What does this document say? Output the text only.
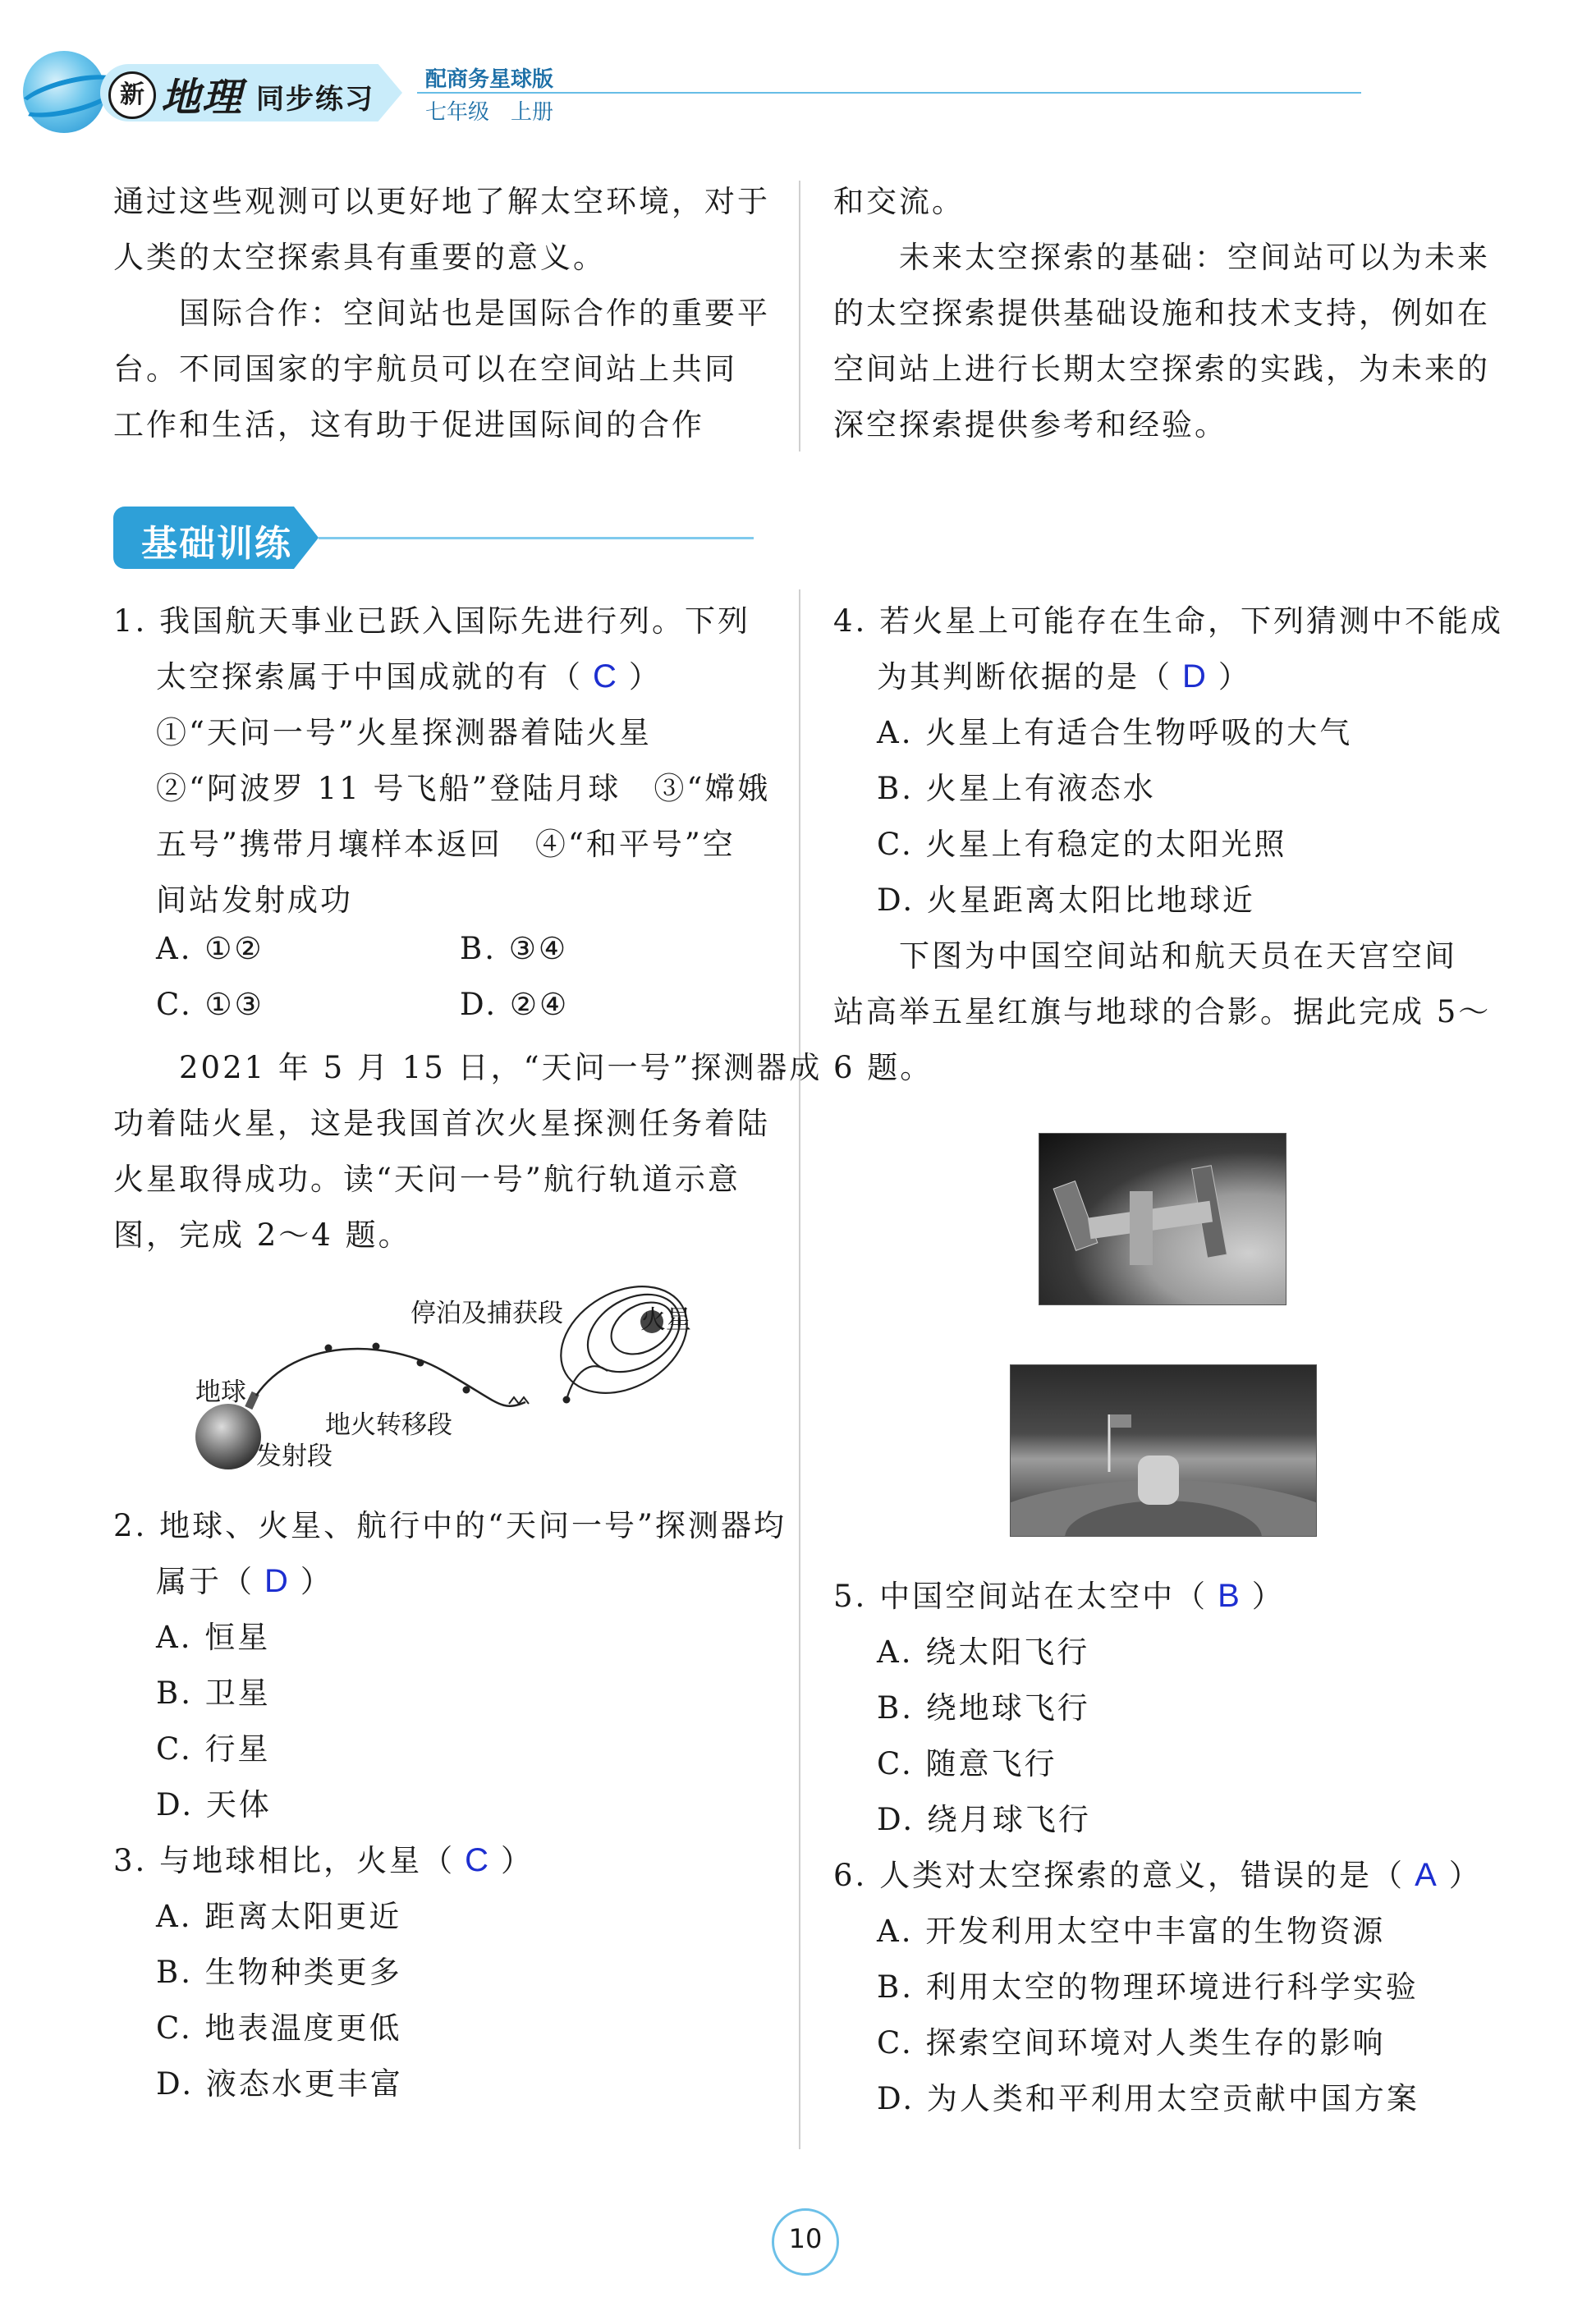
新 地理 同步练习
配商务星球版
七年级　上册

通过这些观测可以更好地了解太空环境，对于

人类的太空探索具有重要的意义。

　　国际合作：空间站也是国际合作的重要平

台。不同国家的宇航员可以在空间站上共同

工作和生活，这有助于促进国际间的合作

和交流。

　　未来太空探索的基础：空间站可以为未来

的太空探索提供基础设施和技术支持，例如在

空间站上进行长期太空探索的实践，为未来的

深空探索提供参考和经验。

基础训练
1. 我国航天事业已跃入国际先进行列。下列
太空探索属于中国成就的有（ C ）
①“天问一号”火星探测器着陆火星
②“阿波罗 11 号飞船”登陆月球　③“嫦娥
五号”携带月壤样本返回　④“和平号”空
间站发射成功
A. ①②	B. ③④
C. ①③	D. ②④
　　2021 年 5 月 15 日，“天问一号”探测器成
功着陆火星，这是我国首次火星探测任务着陆
火星取得成功。读“天问一号”航行轨道示意
图，完成 2～4 题。
停泊及捕获段	火星
地球
地火转移段
发射段
2. 地球、火星、航行中的“天问一号”探测器均
属于（ D ）
A. 恒星
B. 卫星
C. 行星
D. 天体
3. 与地球相比，火星（ C ）
A. 距离太阳更近
B. 生物种类更多
C. 地表温度更低
D. 液态水更丰富
4. 若火星上可能存在生命，下列猜测中不能成
为其判断依据的是（ D ）
A. 火星上有适合生物呼吸的大气
B. 火星上有液态水
C. 火星上有稳定的太阳光照
D. 火星距离太阳比地球近
　　下图为中国空间站和航天员在天宫空间
站高举五星红旗与地球的合影。据此完成 5～
6 题。
5. 中国空间站在太空中（ B ）
A. 绕太阳飞行
B. 绕地球飞行
C. 随意飞行
D. 绕月球飞行
6. 人类对太空探索的意义，错误的是（ A ）
A. 开发利用太空中丰富的生物资源
B. 利用太空的物理环境进行科学实验
C. 探索空间环境对人类生存的影响
D. 为人类和平利用太空贡献中国方案
10
